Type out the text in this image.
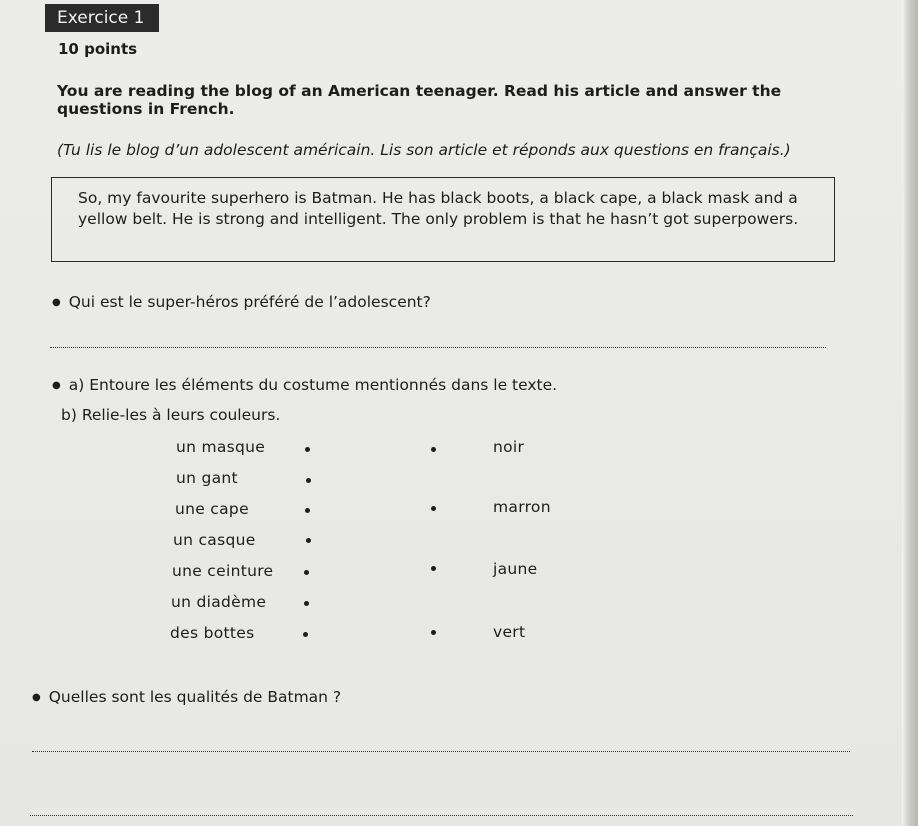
Exercice 1
10 points
You are reading the blog of an American teenager. Read his article and answer the questions in French.
(Tu lis le blog d’un adolescent américain. Lis son article et réponds aux questions en français.)
So, my favourite superhero is Batman. He has black boots, a black cape, a black mask and a yellow belt. He is strong and intelligent. The only problem is that he hasn’t got superpowers.
● Qui est le super-héros préféré de l’adolescent?
● a) Entoure les éléments du costume mentionnés dans le texte.
b) Relie-les à leurs couleurs.
un masque
un gant
une cape
un casque
une ceinture
un diadème
des bottes
noir
marron
jaune
vert
● Quelles sont les qualités de Batman ?
